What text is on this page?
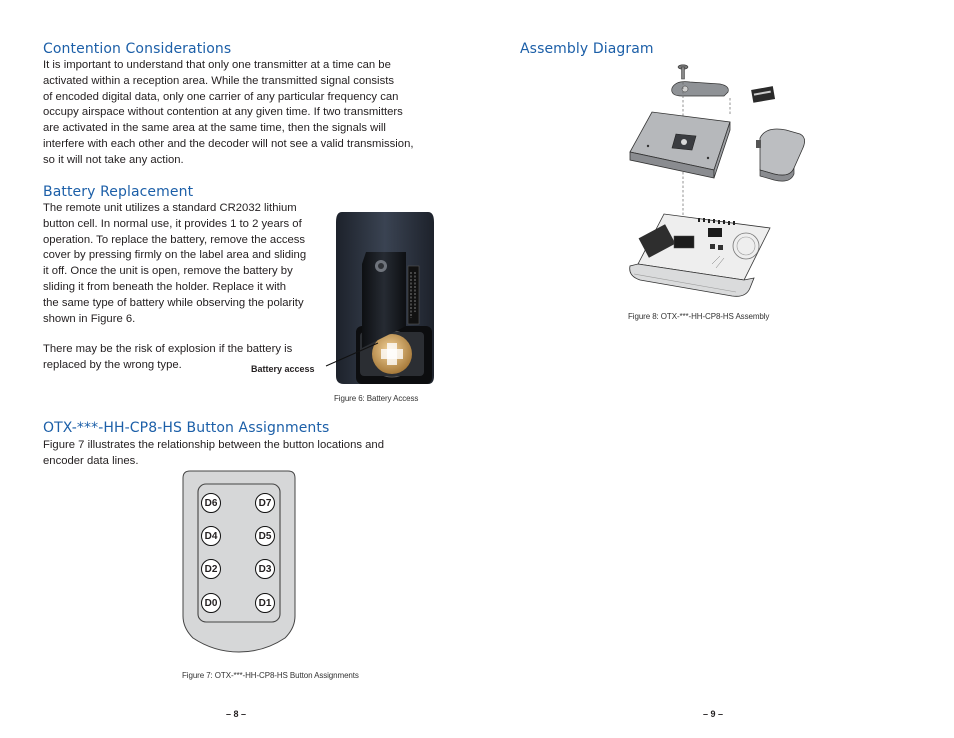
Contention Considerations

It is important to understand that only one transmitter at a time can be

activated within a reception area. While the transmitted signal consists

of encoded digital data, only one carrier of any particular frequency can

occupy airspace without contention at any given time. If two transmitters

are activated in the same area at the same time, then the signals will

interfere with each other and the decoder will not see a valid transmission,

so it will not take any action.

Battery Replacement

The remote unit utilizes a standard CR2032 lithium

button cell. In normal use, it provides 1 to 2 years of

operation. To replace the battery, remove the access

cover by pressing firmly on the label area and sliding

it off. Once the unit is open, remove the battery by

sliding it from beneath the holder. Replace it with

the same type of battery while observing the polarity

shown in Figure 6.

There may be the risk of explosion if the battery is

replaced by the wrong type.	Battery access
Figure 6: Battery Access
OTX-***-HH-CP8-HS Button Assignments

Figure 7 illustrates the relationship between the button locations and

encoder data lines.

D6	D7
D4	D5
D2	D3
D0	D1
Figure 7: OTX-***-HH-CP8-HS Button Assignments
– 8 –
Assembly Diagram
Figure 8: OTX-***-HH-CP8-HS Assembly
– 9 –
